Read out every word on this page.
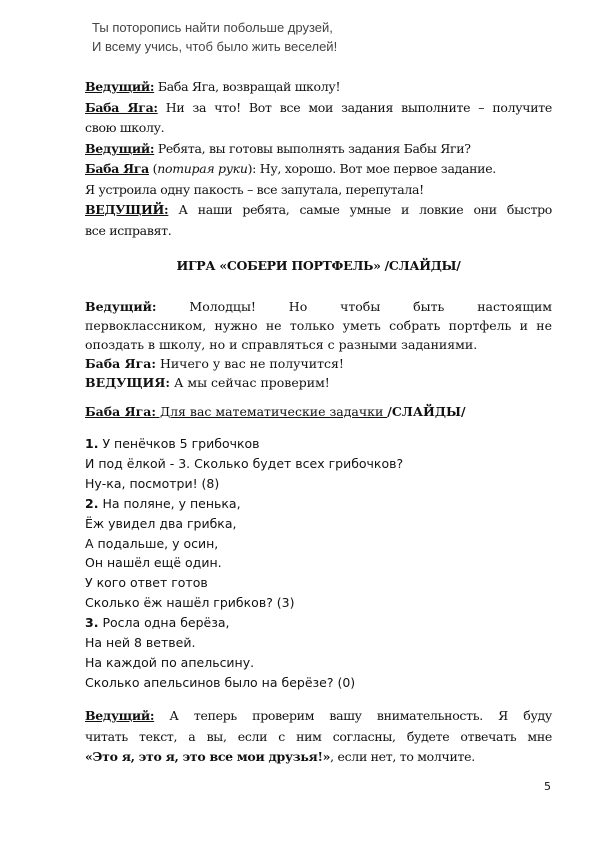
Ты поторопись найти побольше друзей,
И всему учись, чтоб было жить веселей!
Ведущий: Баба Яга, возвращай школу!
Баба Яга: Ни за что! Вот все мои задания выполните – получите
свою школу.
Ведущий: Ребята, вы готовы выполнять задания Бабы Яги?
Баба Яга (потирая руки): Ну, хорошо. Вот мое первое задание.
Я устроила одну пакость – все запутала, перепутала!
ВЕДУЩИЙ: А наши ребята, самые умные и ловкие они быстро
все исправят.
ИГРА «СОБЕРИ ПОРТФЕЛЬ» /СЛАЙДЫ/
Ведущий: Молодцы! Но чтобы быть настоящим
первоклассником, нужно не только уметь собрать портфель и не
опоздать в школу, но и справляться с разными заданиями.
Баба Яга: Ничего у вас не получится!
ВЕДУЩИЯ: А мы сейчас проверим!
Баба Яга: Для вас математические задачки /СЛАЙДЫ/
1. У пенёчков 5 грибочков
И под ёлкой - 3. Сколько будет всех грибочков?
Ну-ка, посмотри! (8)
2. На поляне, у пенька,
Ёж увидел два грибка,
А подальше, у осин,
Он нашёл ещё один.
У кого ответ готов
Сколько ёж нашёл грибков? (3)
3. Росла одна берёза,
На ней 8 ветвей.
На каждой по апельсину.
Сколько апельсинов было на берёзе? (0)
Ведущий: А теперь проверим вашу внимательность. Я буду
читать текст, а вы, если с ним согласны, будете отвечать мне
«Это я, это я, это все мои друзья!», если нет, то молчите.
5
